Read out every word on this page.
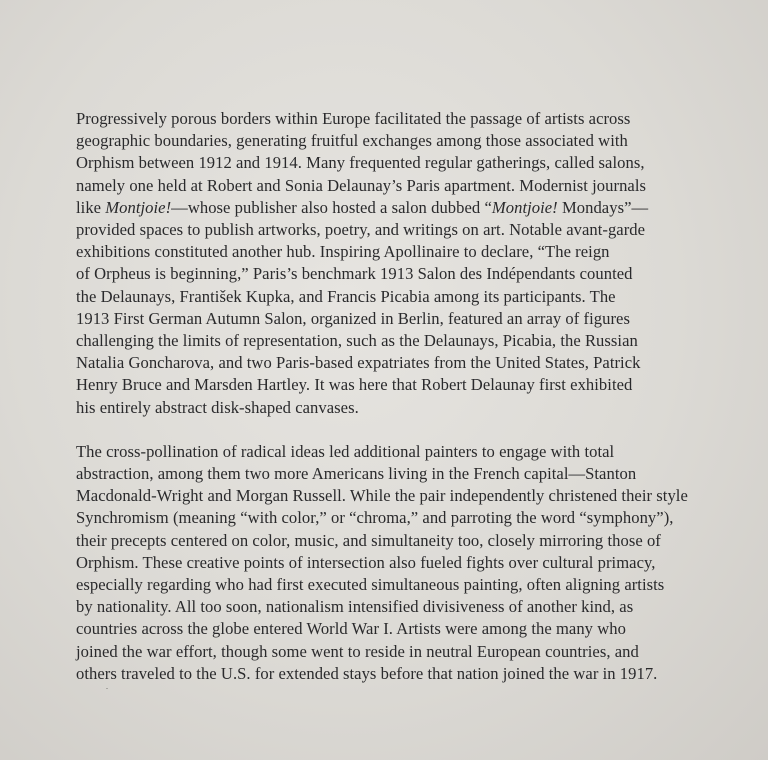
Progressively porous borders within Europe facilitated the passage of artists across
geographic boundaries, generating fruitful exchanges among those associated with
Orphism between 1912 and 1914. Many frequented regular gatherings, called salons,
namely one held at Robert and Sonia Delaunay’s Paris apartment. Modernist journals
like Montjoie!—whose publisher also hosted a salon dubbed “Montjoie! Mondays”—
provided spaces to publish artworks, poetry, and writings on art. Notable avant-garde
exhibitions constituted another hub. Inspiring Apollinaire to declare, “The reign
of Orpheus is beginning,” Paris’s benchmark 1913 Salon des Indépendants counted
the Delaunays, František Kupka, and Francis Picabia among its participants. The
1913 First German Autumn Salon, organized in Berlin, featured an array of figures
challenging the limits of representation, such as the Delaunays, Picabia, the Russian
Natalia Goncharova, and two Paris-based expatriates from the United States, Patrick
Henry Bruce and Marsden Hartley. It was here that Robert Delaunay first exhibited
his entirely abstract disk-shaped canvases.

The cross-pollination of radical ideas led additional painters to engage with total
abstraction, among them two more Americans living in the French capital—Stanton
Macdonald-Wright and Morgan Russell. While the pair independently christened their style
Synchromism (meaning “with color,” or “chroma,” and parroting the word “symphony”),
their precepts centered on color, music, and simultaneity too, closely mirroring those of
Orphism. These creative points of intersection also fueled fights over cultural primacy,
especially regarding who had first executed simultaneous painting, often aligning artists
by nationality. All too soon, nationalism intensified divisiveness of another kind, as
countries across the globe entered World War I. Artists were among the many who
joined the war effort, though some went to reside in neutral European countries, and
others traveled to the U.S. for extended stays before that nation joined the war in 1917.
